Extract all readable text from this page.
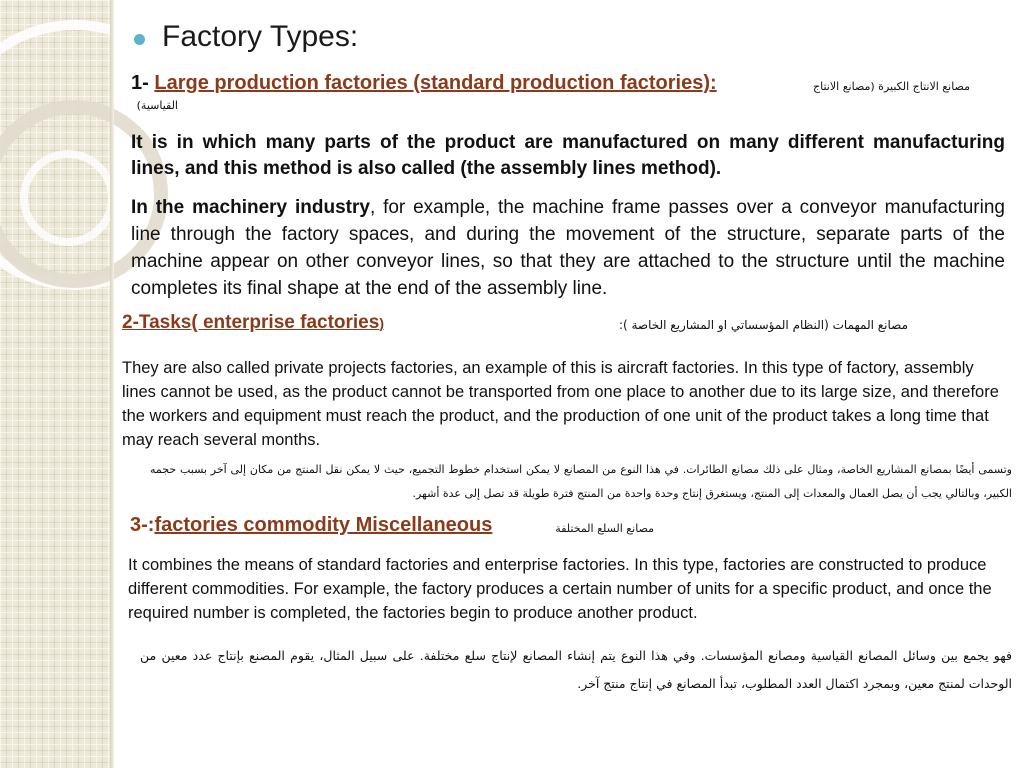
Factory Types:
1- Large production factories (standard production factories):	مصانع الانتاج الكبيرة (مصانع الانتاج
القياسية)
It is in which many parts of the product are manufactured on many different manufacturing lines, and this method is also called (the assembly lines method).
In the machinery industry, for example, the machine frame passes over a conveyor manufacturing line through the factory spaces, and during the movement of the structure, separate parts of the machine appear on other conveyor lines, so that they are attached to the structure until the machine completes its final shape at the end of the assembly line.
2-Tasks( enterprise factories)	مصانع المهمات (النظام المؤسساتي او المشاريع الخاصة ):
They are also called private projects factories, an example of this is aircraft factories. In this type of factory, assembly lines cannot be used, as the product cannot be transported from one place to another due to its large size, and therefore the workers and equipment must reach the product, and the production of one unit of the product takes a long time that may reach several months.
وتسمى أيضًا بمصانع المشاريع الخاصة، ومثال على ذلك مصانع الطائرات. في هذا النوع من المصانع لا يمكن استخدام خطوط التجميع، حيث لا يمكن نقل المنتج من مكان إلى آخر بسبب حجمه الكبير، وبالتالي يجب أن يصل العمال والمعدات إلى المنتج، ويستغرق إنتاج وحدة واحدة من المنتج فترة طويلة قد تصل إلى عدة أشهر.
3-:factories commodity Miscellaneous	مصانع السلع المختلفة
It combines the means of standard factories and enterprise factories. In this type, factories are constructed to produce different commodities. For example, the factory produces a certain number of units for a specific product, and once the required number is completed, the factories begin to produce another product.
فهو يجمع بين وسائل المصانع القياسية ومصانع المؤسسات. وفي هذا النوع يتم إنشاء المصانع لإنتاج سلع مختلفة. على سبيل المثال، يقوم المصنع بإنتاج عدد معين من الوحدات لمنتج معين، وبمجرد اكتمال العدد المطلوب، تبدأ المصانع في إنتاج منتج آخر.
